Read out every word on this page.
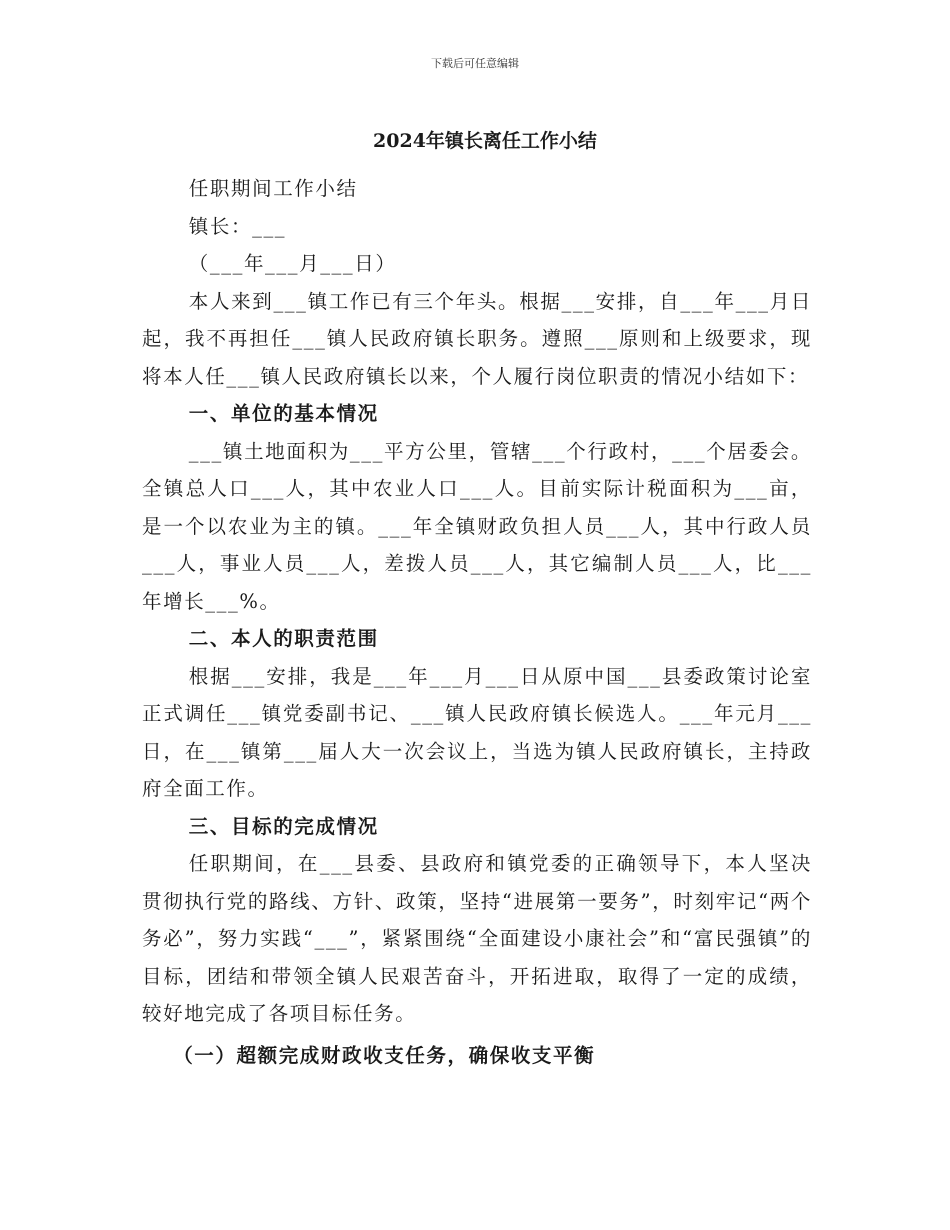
下载后可任意编辑
2024年镇长离任工作小结

任职期间工作小结

镇长：___

（___年___月___日）

本人来到___镇工作已有三个年头。根据___安排，自___年___月日起，我不再担任___镇人民政府镇长职务。遵照___原则和上级要求，现将本人任___镇人民政府镇长以来，个人履行岗位职责的情况小结如下：

一、单位的基本情况

___镇土地面积为___平方公里，管辖___个行政村，___个居委会。全镇总人口___人，其中农业人口___人。目前实际计税面积为___亩，是一个以农业为主的镇。___年全镇财政负担人员___人，其中行政人员___人，事业人员___人，差拨人员___人，其它编制人员___人，比___年增长___%。

二、本人的职责范围

根据___安排，我是___年___月___日从原中国___县委政策讨论室正式调任___镇党委副书记、___镇人民政府镇长候选人。___年元月___日，在___镇第___届人大一次会议上，当选为镇人民政府镇长，主持政府全面工作。

三、目标的完成情况

任职期间，在___县委、县政府和镇党委的正确领导下，本人坚决贯彻执行党的路线、方针、政策，坚持“进展第一要务”，时刻牢记“两个务必”，努力实践“___”，紧紧围绕“全面建设小康社会”和“富民强镇”的目标，团结和带领全镇人民艰苦奋斗，开拓进取，取得了一定的成绩，较好地完成了各项目标任务。

（一）超额完成财政收支任务，确保收支平衡
